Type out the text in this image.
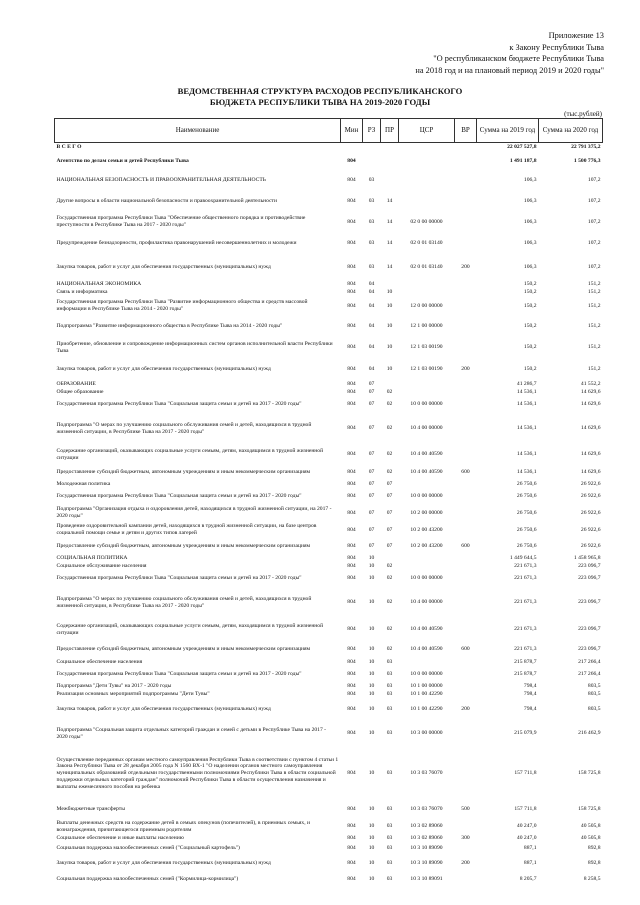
Приложение 13
к Закону Республики Тыва
"О республиканском бюджете Республики Тыва
на 2018 год и на плановый период 2019 и 2020 годы"
ВЕДОМСТВЕННАЯ СТРУКТУРА РАСХОДОВ РЕСПУБЛИКАНСКОГО
БЮДЖЕТА РЕСПУБЛИКИ ТЫВА НА 2019-2020 ГОДЫ
(тыс.рублей)
Наименование	Мин	РЗ	ПР	ЦСР	ВР	Сумма на 2019 год	Сумма на 2020 год
В С Е Г О						22 027 527,8	22 791 375,2
Агентство по делам семьи и детей Республики Тыва	804					1 491 187,8	1 500 776,3
НАЦИОНАЛЬНАЯ БЕЗОПАСНОСТЬ И ПРАВООХРАНИТЕЛЬНАЯ ДЕЯТЕЛЬНОСТЬ	804	03				106,3	107,2
Другие вопросы в области национальной безопасности и правоохранительной деятельности	804	03	14			106,3	107,2
Государственная программа Республики Тыва "Обеспечение общественного порядка и противодействие преступности в Республике Тыва на 2017 - 2020 годы"	804	03	14	02 0 00 00000		106,3	107,2
Предупреждение безнадзорности, профилактика правонарушений несовершеннолетних и молодежи	804	03	14	02 0 01 03140		106,3	107,2
Закупка товаров, работ и услуг для обеспечения государственных (муниципальных) нужд	804	03	14	02 0 01 03140	200	106,3	107,2
НАЦИОНАЛЬНАЯ ЭКОНОМИКА	804	04				150,2	151,2
Связь и информатика	804	04	10			150,2	151,2
Государственная программа Республики Тыва "Развитие информационного общества и средств массовой информации в Республике Тыва на 2014 - 2020 годы"	804	04	10	12 0 00 00000		150,2	151,2
Подпрограмма "Развитие информационного общества в Республике Тыва на 2014 - 2020 годы"	804	04	10	12 1 00 00000		150,2	151,2
Приобретение, обновление и сопровождение информационных систем органов исполнительной власти Республики Тыва	804	04	10	12 1 03 00190		150,2	151,2
Закупка товаров, работ и услуг для обеспечения государственных (муниципальных) нужд	804	04	10	12 1 03 00190	200	150,2	151,2
ОБРАЗОВАНИЕ	804	07				41 286,7	41 552,2
Общее образование	804	07	02			14 536,1	14 629,6
Государственная программа Республики Тыва "Социальная защита семьи и детей на 2017 - 2020 годы"	804	07	02	10 0 00 00000		14 536,1	14 629,6
Подпрограмма "О мерах по улучшению социального обслуживания семей и детей, находящихся в трудной жизненной ситуации, в Республике Тыва на 2017 - 2020 годы"	804	07	02	10 4 00 00000		14 536,1	14 629,6
Содержание организаций, оказывающих социальные услуги семьям, детям, находящимся в трудной жизненной ситуации	804	07	02	10 4 00 40590		14 536,1	14 629,6
Предоставление субсидий бюджетным, автономным учреждениям и иным некоммерческим организациям	804	07	02	10 4 00 40590	600	14 536,1	14 629,6
Молодежная политика	804	07	07			26 750,6	26 922,6
Государственная программа Республики Тыва "Социальная защита семьи и детей на 2017 - 2020 годы"	804	07	07	10 0 00 00000		26 750,6	26 922,6
Подпрограмма "Организация отдыха и оздоровления детей, находящихся в трудной жизненной ситуации, на 2017 - 2020 годы"	804	07	07	10 2 00 00000		26 750,6	26 922,6
Проведение оздоровительной кампании детей, находящихся в трудной жизненной ситуации, на базе центров социальной помощи семье и детям и других типов лагерей	804	07	07	10 2 00 43200		26 750,6	26 922,6
Предоставление субсидий бюджетным, автономным учреждениям и иным некоммерческим организациям	804	07	07	10 2 00 43200	600	26 750,6	26 922,6
СОЦИАЛЬНАЯ ПОЛИТИКА	804	10				1 449 644,5	1 458 965,8
Социальное обслуживание населения	804	10	02			221 671,3	223 096,7
Государственная программа Республики Тыва "Социальная защита семьи и детей на 2017 - 2020 годы"	804	10	02	10 0 00 00000		221 671,3	223 096,7
Подпрограмма "О мерах по улучшению социального обслуживания семей и детей, находящихся в трудной жизненной ситуации, в Республике Тыва на 2017 - 2020 годы"	804	10	02	10 4 00 00000		221 671,3	223 096,7
Содержание организаций, оказывающих социальные услуги семьям, детям, находящимся в трудной жизненной ситуации	804	10	02	10 4 00 40590		221 671,3	223 096,7
Предоставление субсидий бюджетным, автономным учреждениям и иным некоммерческим организациям	804	10	02	10 4 00 40590	600	221 671,3	223 096,7
Социальное обеспечение населения	804	10	03			215 878,7	217 266,4
Государственная программа Республики Тыва "Социальная защита семьи и детей на 2017 - 2020 годы"	804	10	03	10 0 00 00000		215 878,7	217 266,4
Подпрограмма "Дети Тувы" на 2017 - 2020 годы	804	10	03	10 1 00 00000		798,4	803,5
Реализация основных мероприятий подпрограммы "Дети Тувы"	804	10	03	10 1 00 42290		798,4	803,5
Закупка товаров, работ и услуг для обеспечения государственных (муниципальных) нужд	804	10	03	10 1 00 42290	200	798,4	803,5
Подпрограмма "Социальная защита отдельных категорий граждан и семей с детьми в Республике Тыва на 2017 - 2020 годы"	804	10	03	10 3 00 00000		215 079,9	216 462,9
Осуществление переданных органам местного самоуправления Республики Тыва в соответствии с пунктом 4 статьи 1 Закона Республики Тыва от 28 декабря 2005 года N 1560 ВХ-1 "О наделении органов местного самоуправления муниципальных образований отдельными государственными полномочиями Республики Тыва в области социальной поддержки отдельных категорий граждан" полномочий Республики Тыва в области осуществления назначения и выплаты ежемесячного пособия на ребенка	804	10	03	10 3 03 76070		157 711,8	158 725,8
Межбюджетные трансферты	804	10	03	10 3 03 76070	500	157 711,8	158 725,8
Выплаты денежных средств на содержание детей в семьях опекунов (попечителей), в приемных семьях, и вознаграждения, причитающегося приемным родителям	804	10	03	10 3 02 89060		40 247,0	40 505,8
Социальное обеспечение и иные выплаты населению	804	10	03	10 3 02 89060	300	40 247,0	40 505,8
Социальная поддержка малообеспеченных семей ("Социальный картофель")	804	10	03	10 3 10 89090		887,1	892,8
Закупка товаров, работ и услуг для обеспечения государственных (муниципальных) нужд	804	10	03	10 3 10 89090	200	887,1	892,8
Социальная поддержка малообеспеченных семей ("Кормилица-кормилица")	804	10	03	10 3 10 89091		8 205,7	8 258,5
